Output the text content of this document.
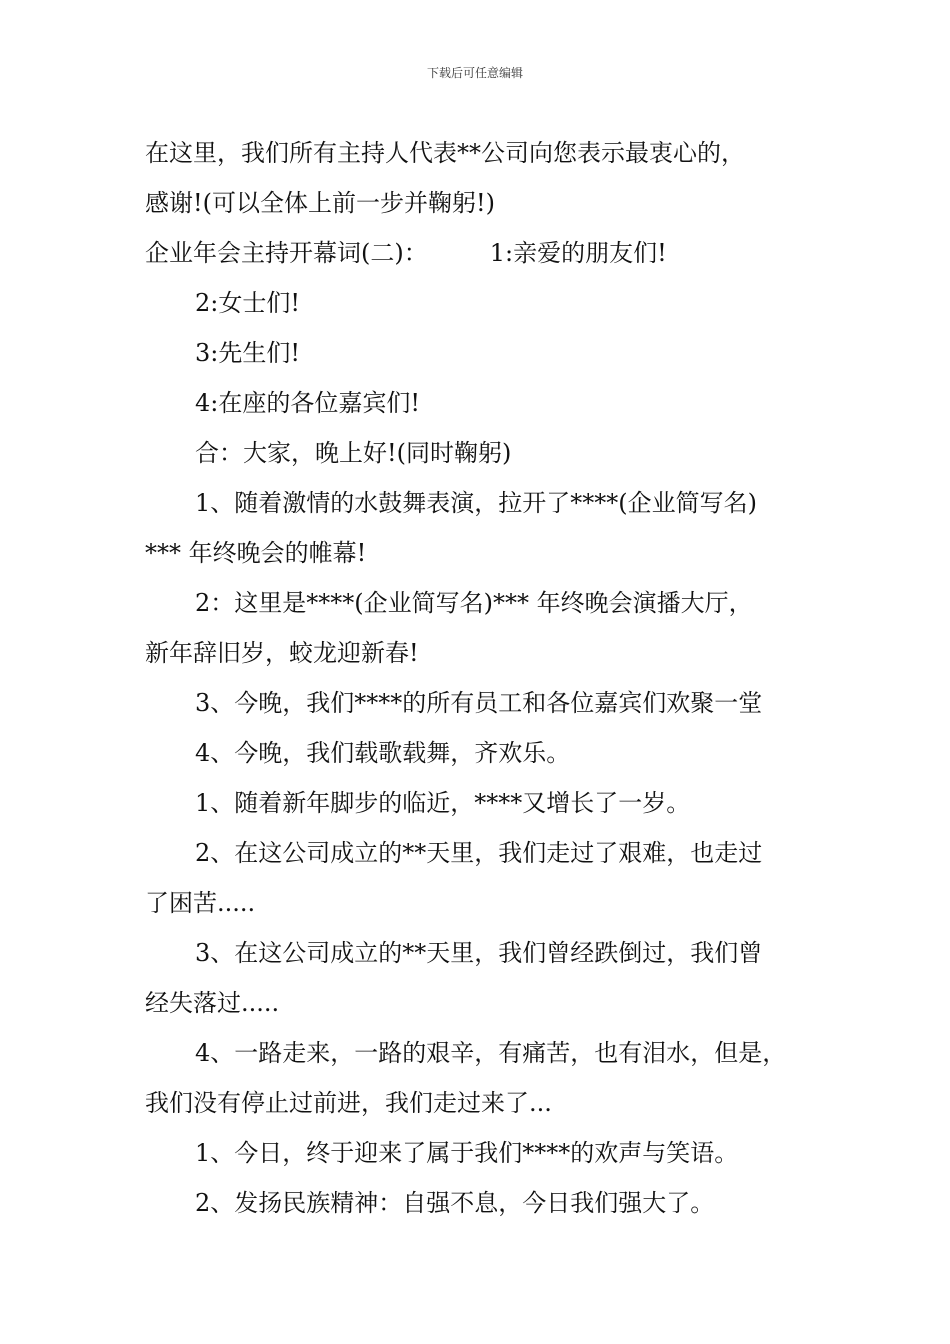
下载后可任意编辑

在这里，我们所有主持人代表**公司向您表示最衷心的，

感谢!(可以全体上前一步并鞠躬!)

企业年会主持开幕词(二)：	1:亲爱的朋友们!

2:女士们!

3:先生们!

4:在座的各位嘉宾们!

合：大家，晚上好!(同时鞠躬)

1、随着激情的水鼓舞表演，拉开了****(企业简写名)

*** 年终晚会的帷幕!

2：这里是****(企业简写名)*** 年终晚会演播大厅，

新年辞旧岁，蛟龙迎新春!

3、今晚，我们****的所有员工和各位嘉宾们欢聚一堂

4、今晚，我们载歌载舞，齐欢乐。

1、随着新年脚步的临近，****又增长了一岁。

2、在这公司成立的**天里，我们走过了艰难，也走过

了困苦.....

3、在这公司成立的**天里，我们曾经跌倒过，我们曾

经失落过.....

4、一路走来，一路的艰辛，有痛苦，也有泪水，但是，

我们没有停止过前进，我们走过来了...

1、今日，终于迎来了属于我们****的欢声与笑语。

2、发扬民族精神：自强不息，今日我们强大了。
